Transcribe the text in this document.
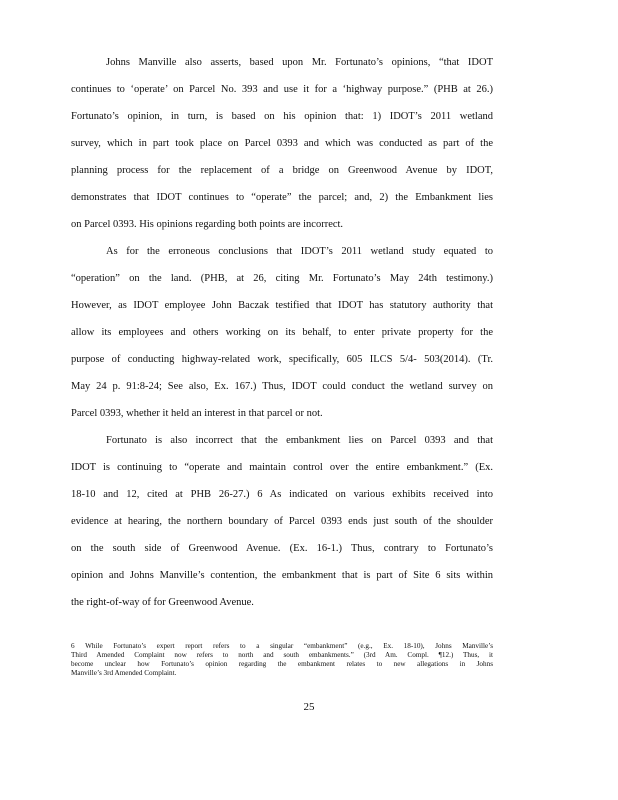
Johns Manville also asserts, based upon Mr. Fortunato’s opinions, “that IDOT
continues to ‘operate’ on Parcel No. 393 and use it for a ‘highway purpose.” (PHB at 26.)
Fortunato’s opinion, in turn, is based on his opinion that: 1) IDOT’s 2011 wetland
survey, which in part took place on Parcel 0393 and which was conducted as part of the
planning process for the replacement of a bridge on Greenwood Avenue by IDOT,
demonstrates that IDOT continues to “operate” the parcel; and, 2) the Embankment lies
on Parcel 0393. His opinions regarding both points are incorrect.
As for the erroneous conclusions that IDOT’s 2011 wetland study equated to
“operation” on the land. (PHB, at 26, citing Mr. Fortunato’s May 24th testimony.)
However, as IDOT employee John Baczak testified that IDOT has statutory authority that
allow its employees and others working on its behalf, to enter private property for the
purpose of conducting highway-related work, specifically, 605 ILCS 5/4- 503(2014). (Tr.
May 24 p. 91:8-24; See also, Ex. 167.) Thus, IDOT could conduct the wetland survey on
Parcel 0393, whether it held an interest in that parcel or not.
Fortunato is also incorrect that the embankment lies on Parcel 0393 and that
IDOT is continuing to “operate and maintain control over the entire embankment.” (Ex.
18-10 and 12, cited at PHB 26-27.) 6 As indicated on various exhibits received into
evidence at hearing, the northern boundary of Parcel 0393 ends just south of the shoulder
on the south side of Greenwood Avenue. (Ex. 16-1.) Thus, contrary to Fortunato’s
opinion and Johns Manville’s contention, the embankment that is part of Site 6 sits within
the right-of-way of for Greenwood Avenue.
6 While Fortunato’s expert report refers to a singular “embankment” (e.g., Ex. 18-10), Johns Manville’s
Third Amended Complaint now refers to north and south embankments.” (3rd Am. Compl. ¶12.) Thus, it
become unclear how Fortunato’s opinion regarding the embankment relates to new allegations in Johns
Manville’s 3rd Amended Complaint.
25
